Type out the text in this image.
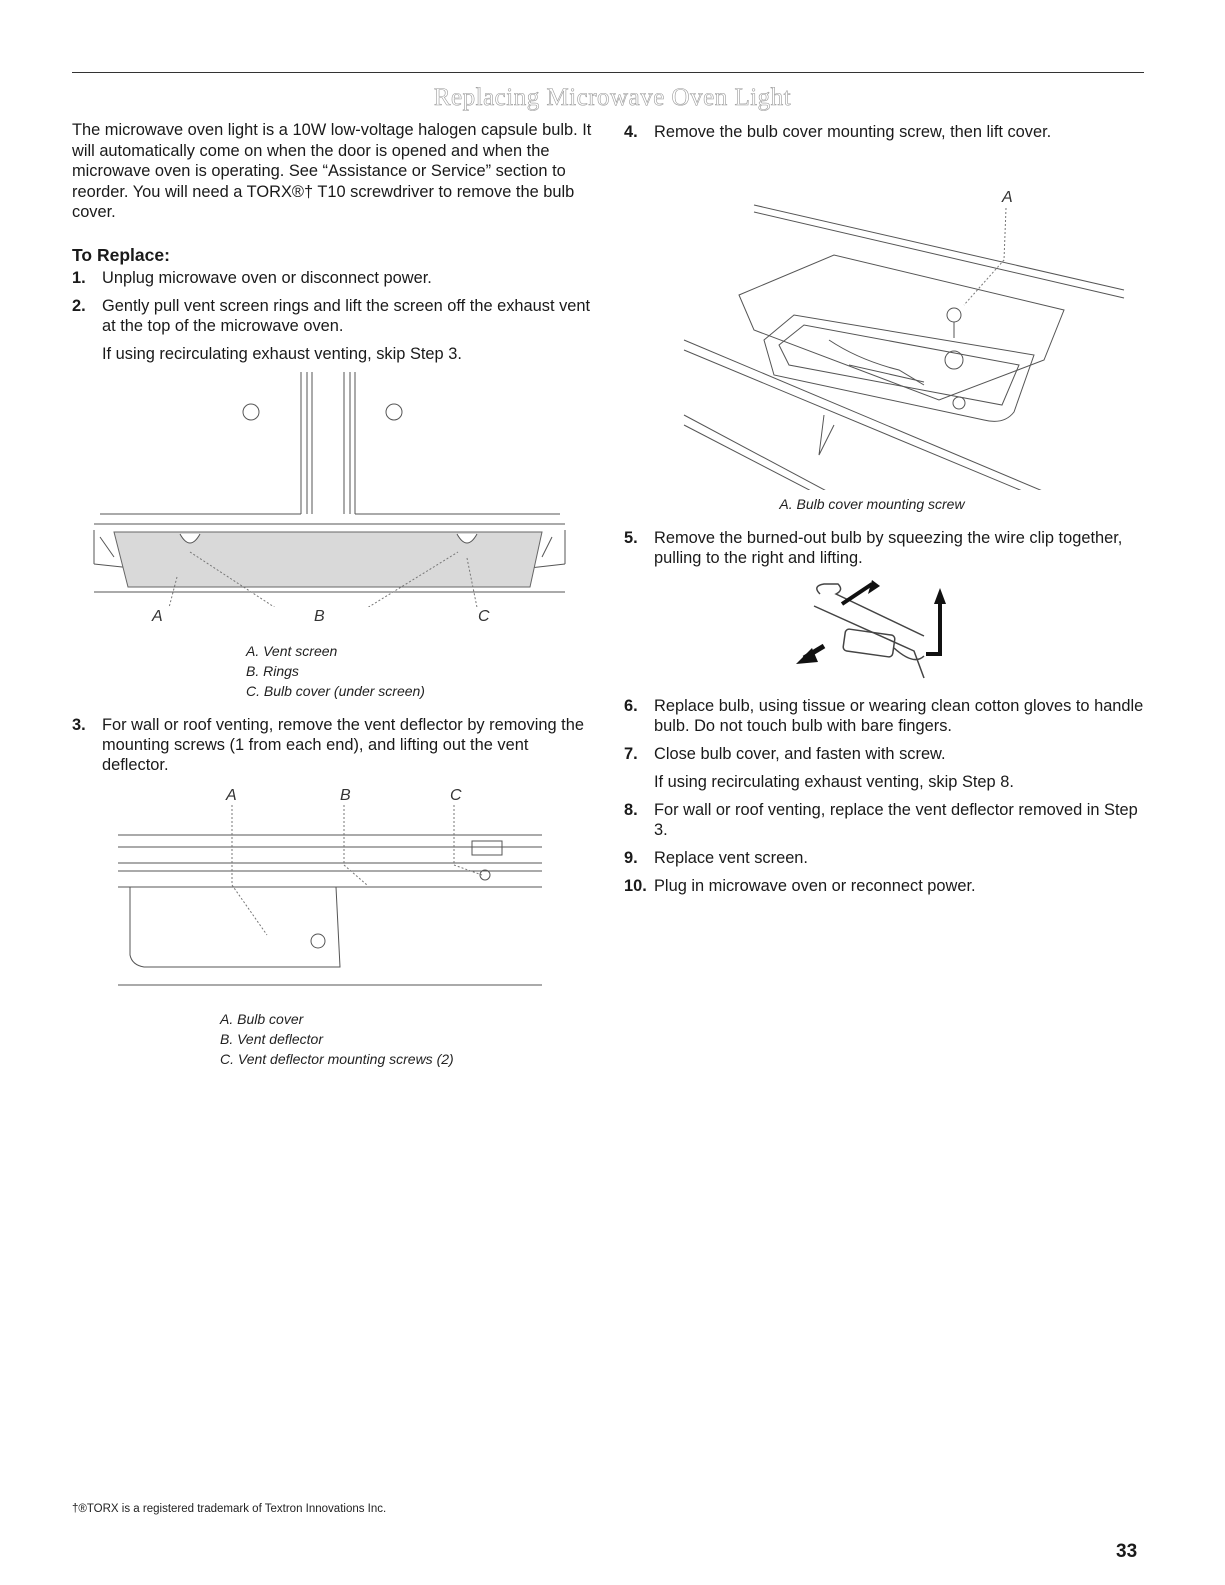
Replacing Microwave Oven Light

The microwave oven light is a 10W low-voltage halogen capsule bulb. It will automatically come on when the door is opened and when the microwave oven is operating. See “Assistance or Service” section to reorder. You will need a TORX®† T10 screwdriver to remove the bulb cover.

To Replace:
1. Unplug microwave oven or disconnect power.
2. Gently pull vent screen rings and lift the screen off the exhaust vent at the top of the microwave oven.
If using recirculating exhaust venting, skip Step 3.
A	B	C
A. Vent screen
B. Rings
C. Bulb cover (under screen)
3. For wall or roof venting, remove the vent deflector by removing the mounting screws (1 from each end), and lifting out the vent deflector.
A	B	C
A. Bulb cover
B. Vent deflector
C. Vent deflector mounting screws (2)
4. Remove the bulb cover mounting screw, then lift cover.
A
A. Bulb cover mounting screw
5. Remove the burned-out bulb by squeezing the wire clip together, pulling to the right and lifting.
6. Replace bulb, using tissue or wearing clean cotton gloves to handle bulb. Do not touch bulb with bare fingers.
7. Close bulb cover, and fasten with screw.
If using recirculating exhaust venting, skip Step 8.
8. For wall or roof venting, replace the vent deflector removed in Step 3.
9. Replace vent screen.
10. Plug in microwave oven or reconnect power.
†®TORX is a registered trademark of Textron Innovations Inc.
33
